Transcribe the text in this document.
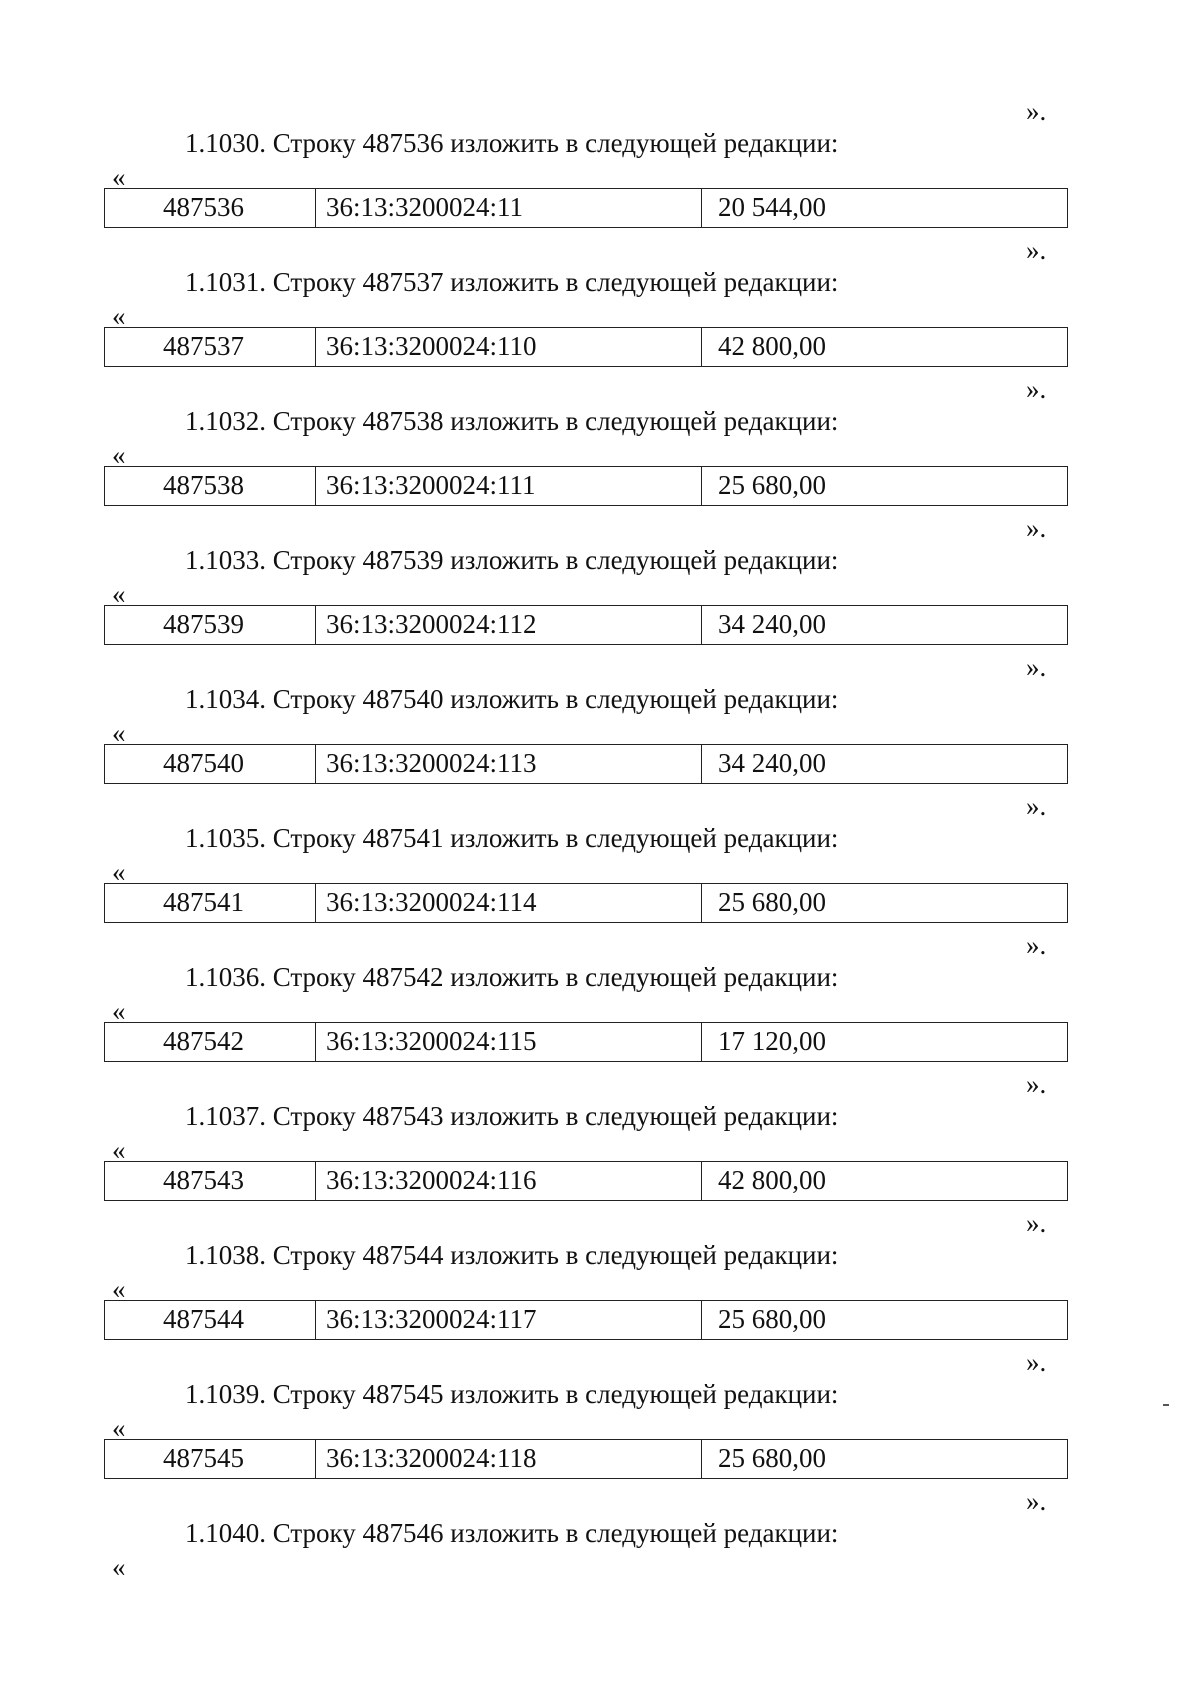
».
1.1030. Строку 487536 изложить в следующей редакции:
«
487536	36:13:3200024:11	20 544,00
».
1.1031. Строку 487537 изложить в следующей редакции:
«
487537	36:13:3200024:110	42 800,00
».
1.1032. Строку 487538 изложить в следующей редакции:
«
487538	36:13:3200024:111	25 680,00
».
1.1033. Строку 487539 изложить в следующей редакции:
«
487539	36:13:3200024:112	34 240,00
».
1.1034. Строку 487540 изложить в следующей редакции:
«
487540	36:13:3200024:113	34 240,00
».
1.1035. Строку 487541 изложить в следующей редакции:
«
487541	36:13:3200024:114	25 680,00
».
1.1036. Строку 487542 изложить в следующей редакции:
«
487542	36:13:3200024:115	17 120,00
».
1.1037. Строку 487543 изложить в следующей редакции:
«
487543	36:13:3200024:116	42 800,00
».
1.1038. Строку 487544 изложить в следующей редакции:
«
487544	36:13:3200024:117	25 680,00
».
1.1039. Строку 487545 изложить в следующей редакции:
«
487545	36:13:3200024:118	25 680,00
».
1.1040. Строку 487546 изложить в следующей редакции:
«
